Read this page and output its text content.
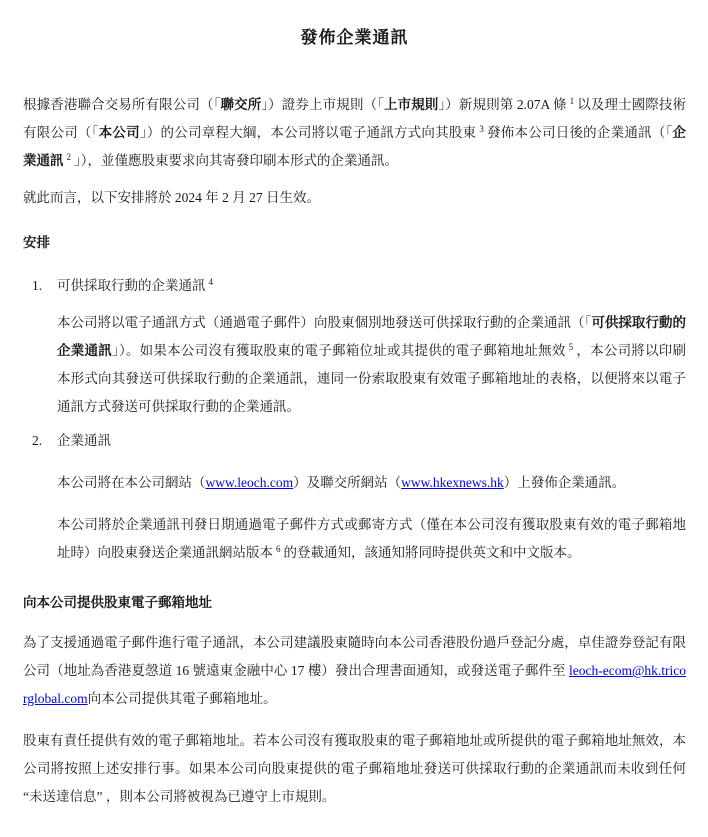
發佈企業通訊

根據香港聯合交易所有限公司（「聯交所」）證券上市規則（「上市規則」）新規則第 2.07A 條 $^1$ 以及理士國際技術有限公司（「本公司」）的公司章程大綱，本公司將以電子通訊方式向其股東 $^3$ 發佈本公司日後的企業通訊（「企業通訊 $^2$ 」），並僅應股東要求向其寄發印刷本形式的企業通訊。

就此而言，以下安排將於 2024 年 2 月 27 日生效。

安排
1.	可供採取行動的企業通訊 $^4$

本公司將以電子通訊方式（通過電子郵件）向股東個別地發送可供採取行動的企業通訊（「可供採取行動的企業通訊」）。如果本公司沒有獲取股東的電子郵箱位址或其提供的電子郵箱地址無效 $^5$ ，本公司將以印刷本形式向其發送可供採取行動的企業通訊，連同一份索取股東有效電子郵箱地址的表格，以便將來以電子通訊方式發送可供採取行動的企業通訊。

2.	企業通訊

本公司將在本公司網站（www.leoch.com）及聯交所網站（www.hkexnews.hk）上發佈企業通訊。

本公司將於企業通訊刊發日期通過電子郵件方式或郵寄方式（僅在本公司沒有獲取股東有效的電子郵箱地址時）向股東發送企業通訊網站版本 $^6$ 的登載通知，該通知將同時提供英文和中文版本。

向本公司提供股東電子郵箱地址

為了支援通過電子郵件進行電子通訊，本公司建議股東隨時向本公司香港股份過戶登記分處，卓佳證券登記有限公司（地址為香港夏愨道 16 號遠東金融中心 17 樓）發出合理書面通知，或發送電子郵件至 leoch-ecom@hk.tricorglobal.com向本公司提供其電子郵箱地址。

股東有責任提供有效的電子郵箱地址。若本公司沒有獲取股東的電子郵箱地址或所提供的電子郵箱地址無效，本公司將按照上述安排行事。如果本公司向股東提供的電子郵箱地址發送可供採取行動的企業通訊而未收到任何 “未送達信息” ，則本公司將被視為已遵守上市規則。
